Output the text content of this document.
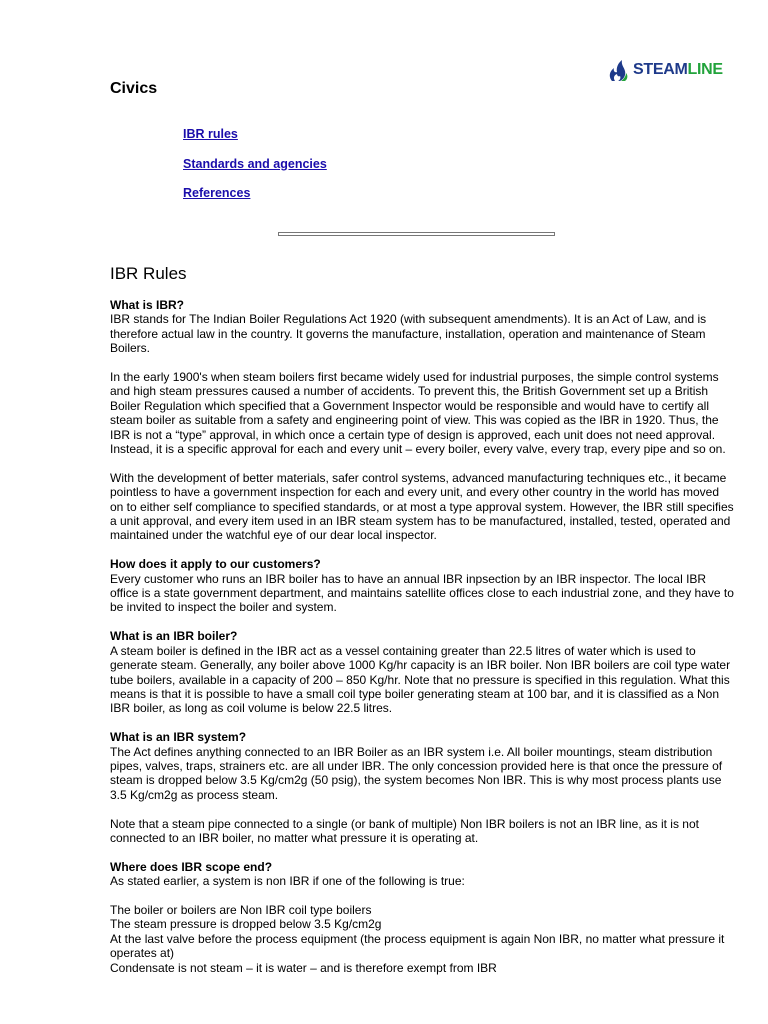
STEAMLINE
Civics
IBR rules
Standards and agencies
References
IBR Rules
What is IBR?

IBR stands for The Indian Boiler Regulations Act 1920 (with subsequent amendments). It is an Act of Law, and is therefore actual law in the country. It governs the manufacture, installation, operation and maintenance of Steam Boilers.

In the early 1900's when steam boilers first became widely used for industrial purposes, the simple control systems and high steam pressures caused a number of accidents. To prevent this, the British Government set up a British Boiler Regulation which specified that a Government Inspector would be responsible and would have to certify all steam boiler as suitable from a safety and engineering point of view. This was copied as the IBR in 1920. Thus, the IBR is not a “type” approval, in which once a certain type of design is approved, each unit does not need approval. Instead, it is a specific approval for each and every unit – every boiler, every valve, every trap, every pipe and so on.

With the development of better materials, safer control systems, advanced manufacturing techniques etc., it became pointless to have a government inspection for each and every unit, and every other country in the world has moved on to either self compliance to specified standards, or at most a type approval system. However, the IBR still specifies a unit approval, and every item used in an IBR steam system has to be manufactured, installed, tested, operated and maintained under the watchful eye of our dear local inspector.

How does it apply to our customers?

Every customer who runs an IBR boiler has to have an annual IBR inpsection by an IBR inspector. The local IBR office is a state government department, and maintains satellite offices close to each industrial zone, and they have to be invited to inspect the boiler and system.

What is an IBR boiler?

A steam boiler is defined in the IBR act as a vessel containing greater than 22.5 litres of water which is used to generate steam. Generally, any boiler above 1000 Kg/hr capacity is an IBR boiler. Non IBR boilers are coil type water tube boilers, available in a capacity of 200 – 850 Kg/hr. Note that no pressure is specified in this regulation. What this means is that it is possible to have a small coil type boiler generating steam at 100 bar, and it is classified as a Non IBR boiler, as long as coil volume is below 22.5 litres.

What is an IBR system?

The Act defines anything connected to an IBR Boiler as an IBR system i.e. All boiler mountings, steam distribution pipes, valves, traps, strainers etc. are all under IBR. The only concession provided here is that once the pressure of steam is dropped below 3.5 Kg/cm2g (50 psig), the system becomes Non IBR. This is why most process plants use 3.5 Kg/cm2g as process steam.

Note that a steam pipe connected to a single (or bank of multiple) Non IBR boilers is not an IBR line, as it is not connected to an IBR boiler, no matter what pressure it is operating at.

Where does IBR scope end?

As stated earlier, a system is non IBR if one of the following is true:

The boiler or boilers are Non IBR coil type boilers
The steam pressure is dropped below 3.5 Kg/cm2g
At the last valve before the process equipment (the process equipment is again Non IBR, no matter what pressure it operates at)
Condensate is not steam – it is water – and is therefore exempt from IBR
